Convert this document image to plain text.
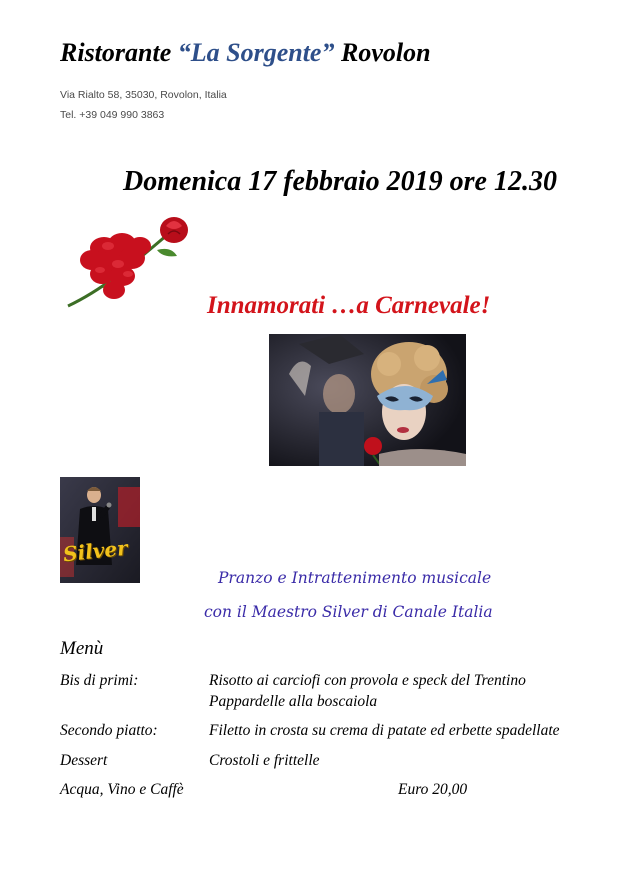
Ristorante “La Sorgente” Rovolon
Via Rialto 58, 35030, Rovolon, Italia
Tel. +39 049 990 3863
Domenica 17 febbraio 2019 ore 12.30
Innamorati …a Carnevale!
Silver
Pranzo e Intrattenimento musicale
con il Maestro Silver di Canale Italia
Menù
Bis di primi:	Risotto ai carciofi con provola e speck del Trentino
Pappardelle alla boscaiola
Secondo piatto:	Filetto in crosta su crema di patate ed erbette spadellate
Dessert	Crostoli e frittelle
Acqua, Vino e Caffè	Euro 20,00
